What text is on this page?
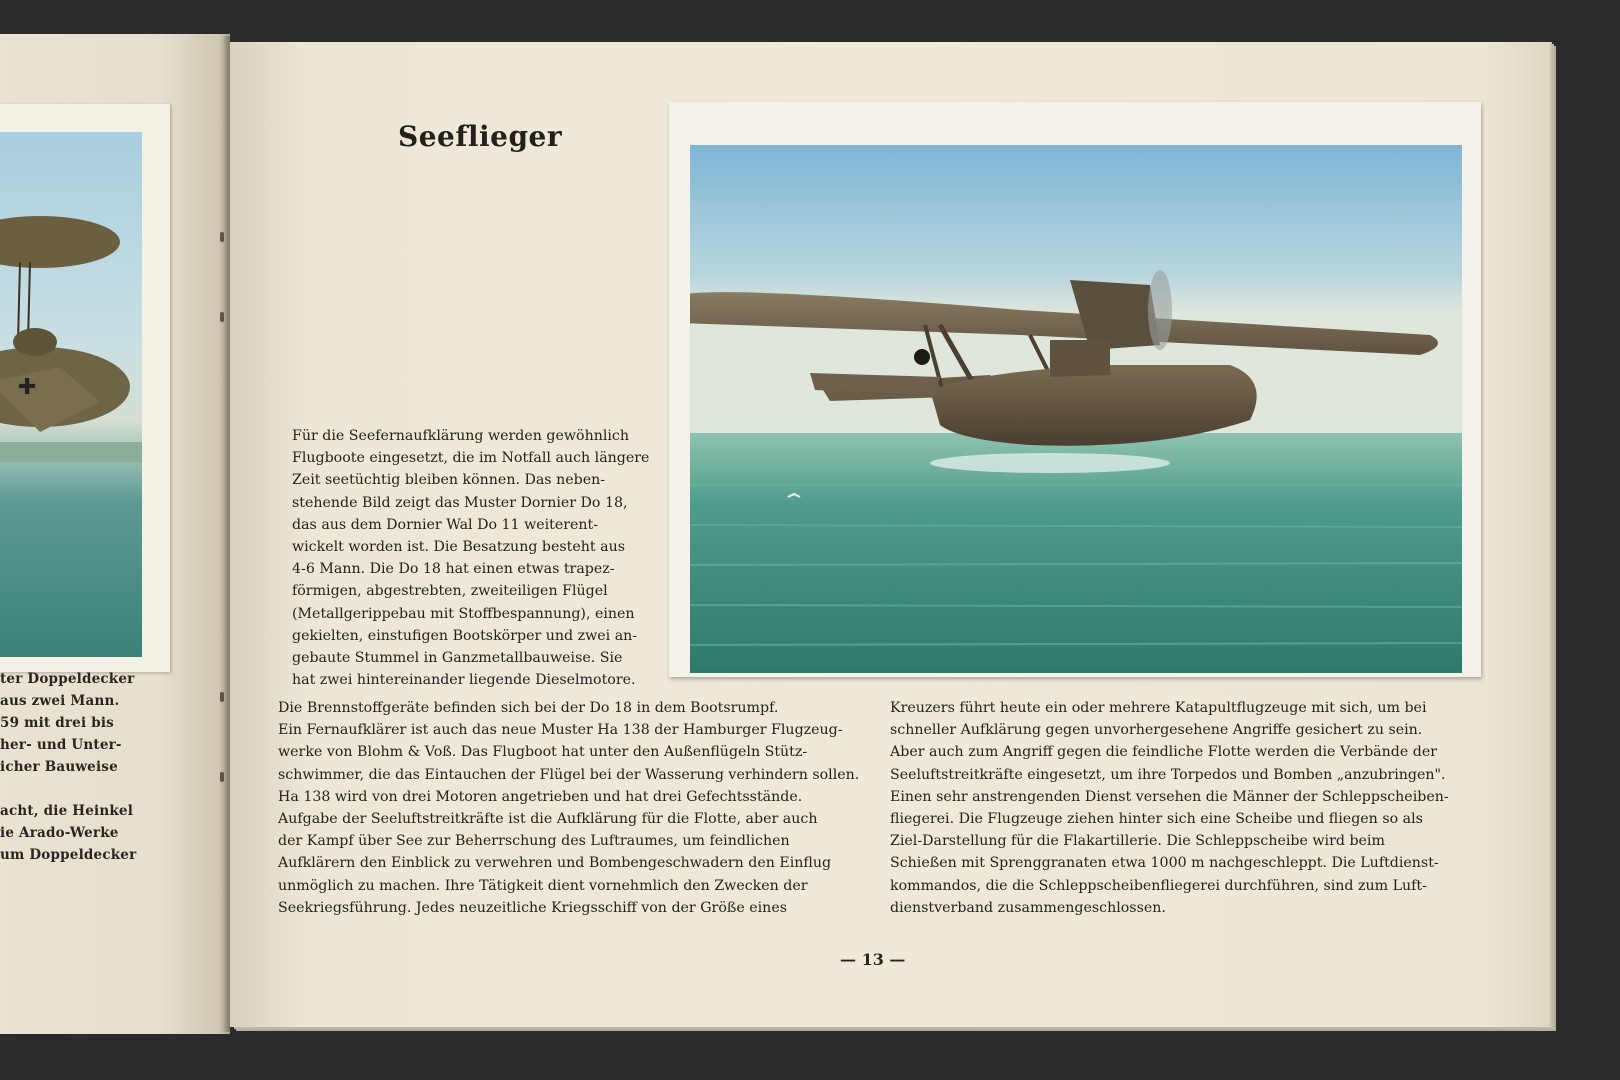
✚
ter Doppeldecker
aus zwei Mann.
59 mit drei bis
her- und Unter-
icher Bauweise
acht, die Heinkel
ie Arado-Werke
um Doppeldecker
Seeflieger

Für die Seefernaufklärung werden gewöhnlich

Flugboote eingesetzt, die im Notfall auch längere

Zeit seetüchtig bleiben können. Das neben-

stehende Bild zeigt das Muster Dornier Do 18,

das aus dem Dornier Wal Do 11 weiterent-

wickelt worden ist. Die Besatzung besteht aus

4-6 Mann. Die Do 18 hat einen etwas trapez-

förmigen, abgestrebten, zweiteiligen Flügel

(Metallgerippebau mit Stoffbespannung), einen

gekielten, einstufigen Bootskörper und zwei an-

gebaute Stummel in Ganzmetallbauweise. Sie

hat zwei hintereinander liegende Dieselmotore.

Die Brennstoffgeräte befinden sich bei der Do 18 in dem Bootsrumpf.

Ein Fernaufklärer ist auch das neue Muster Ha 138 der Hamburger Flugzeug-

werke von Blohm & Voß. Das Flugboot hat unter den Außenflügeln Stütz-

schwimmer, die das Eintauchen der Flügel bei der Wasserung verhindern sollen.

Ha 138 wird von drei Motoren angetrieben und hat drei Gefechtsstände.

Aufgabe der Seeluftstreitkräfte ist die Aufklärung für die Flotte, aber auch

der Kampf über See zur Beherrschung des Luftraumes, um feindlichen

Aufklärern den Einblick zu verwehren und Bombengeschwadern den Einflug

unmöglich zu machen. Ihre Tätigkeit dient vornehmlich den Zwecken der

Seekriegsführung. Jedes neuzeitliche Kriegsschiff von der Größe eines

Kreuzers führt heute ein oder mehrere Katapultflugzeuge mit sich, um bei

schneller Aufklärung gegen unvorhergesehene Angriffe gesichert zu sein.

Aber auch zum Angriff gegen die feindliche Flotte werden die Verbände der

Seeluftstreitkräfte eingesetzt, um ihre Torpedos und Bomben „anzubringen".

Einen sehr anstrengenden Dienst versehen die Männer der Schleppscheiben-

fliegerei. Die Flugzeuge ziehen hinter sich eine Scheibe und fliegen so als

Ziel-Darstellung für die Flakartillerie. Die Schleppscheibe wird beim

Schießen mit Sprenggranaten etwa 1000 m nachgeschleppt. Die Luftdienst-

kommandos, die die Schleppscheibenfliegerei durchführen, sind zum Luft-

dienstverband zusammengeschlossen.

— 13 —
